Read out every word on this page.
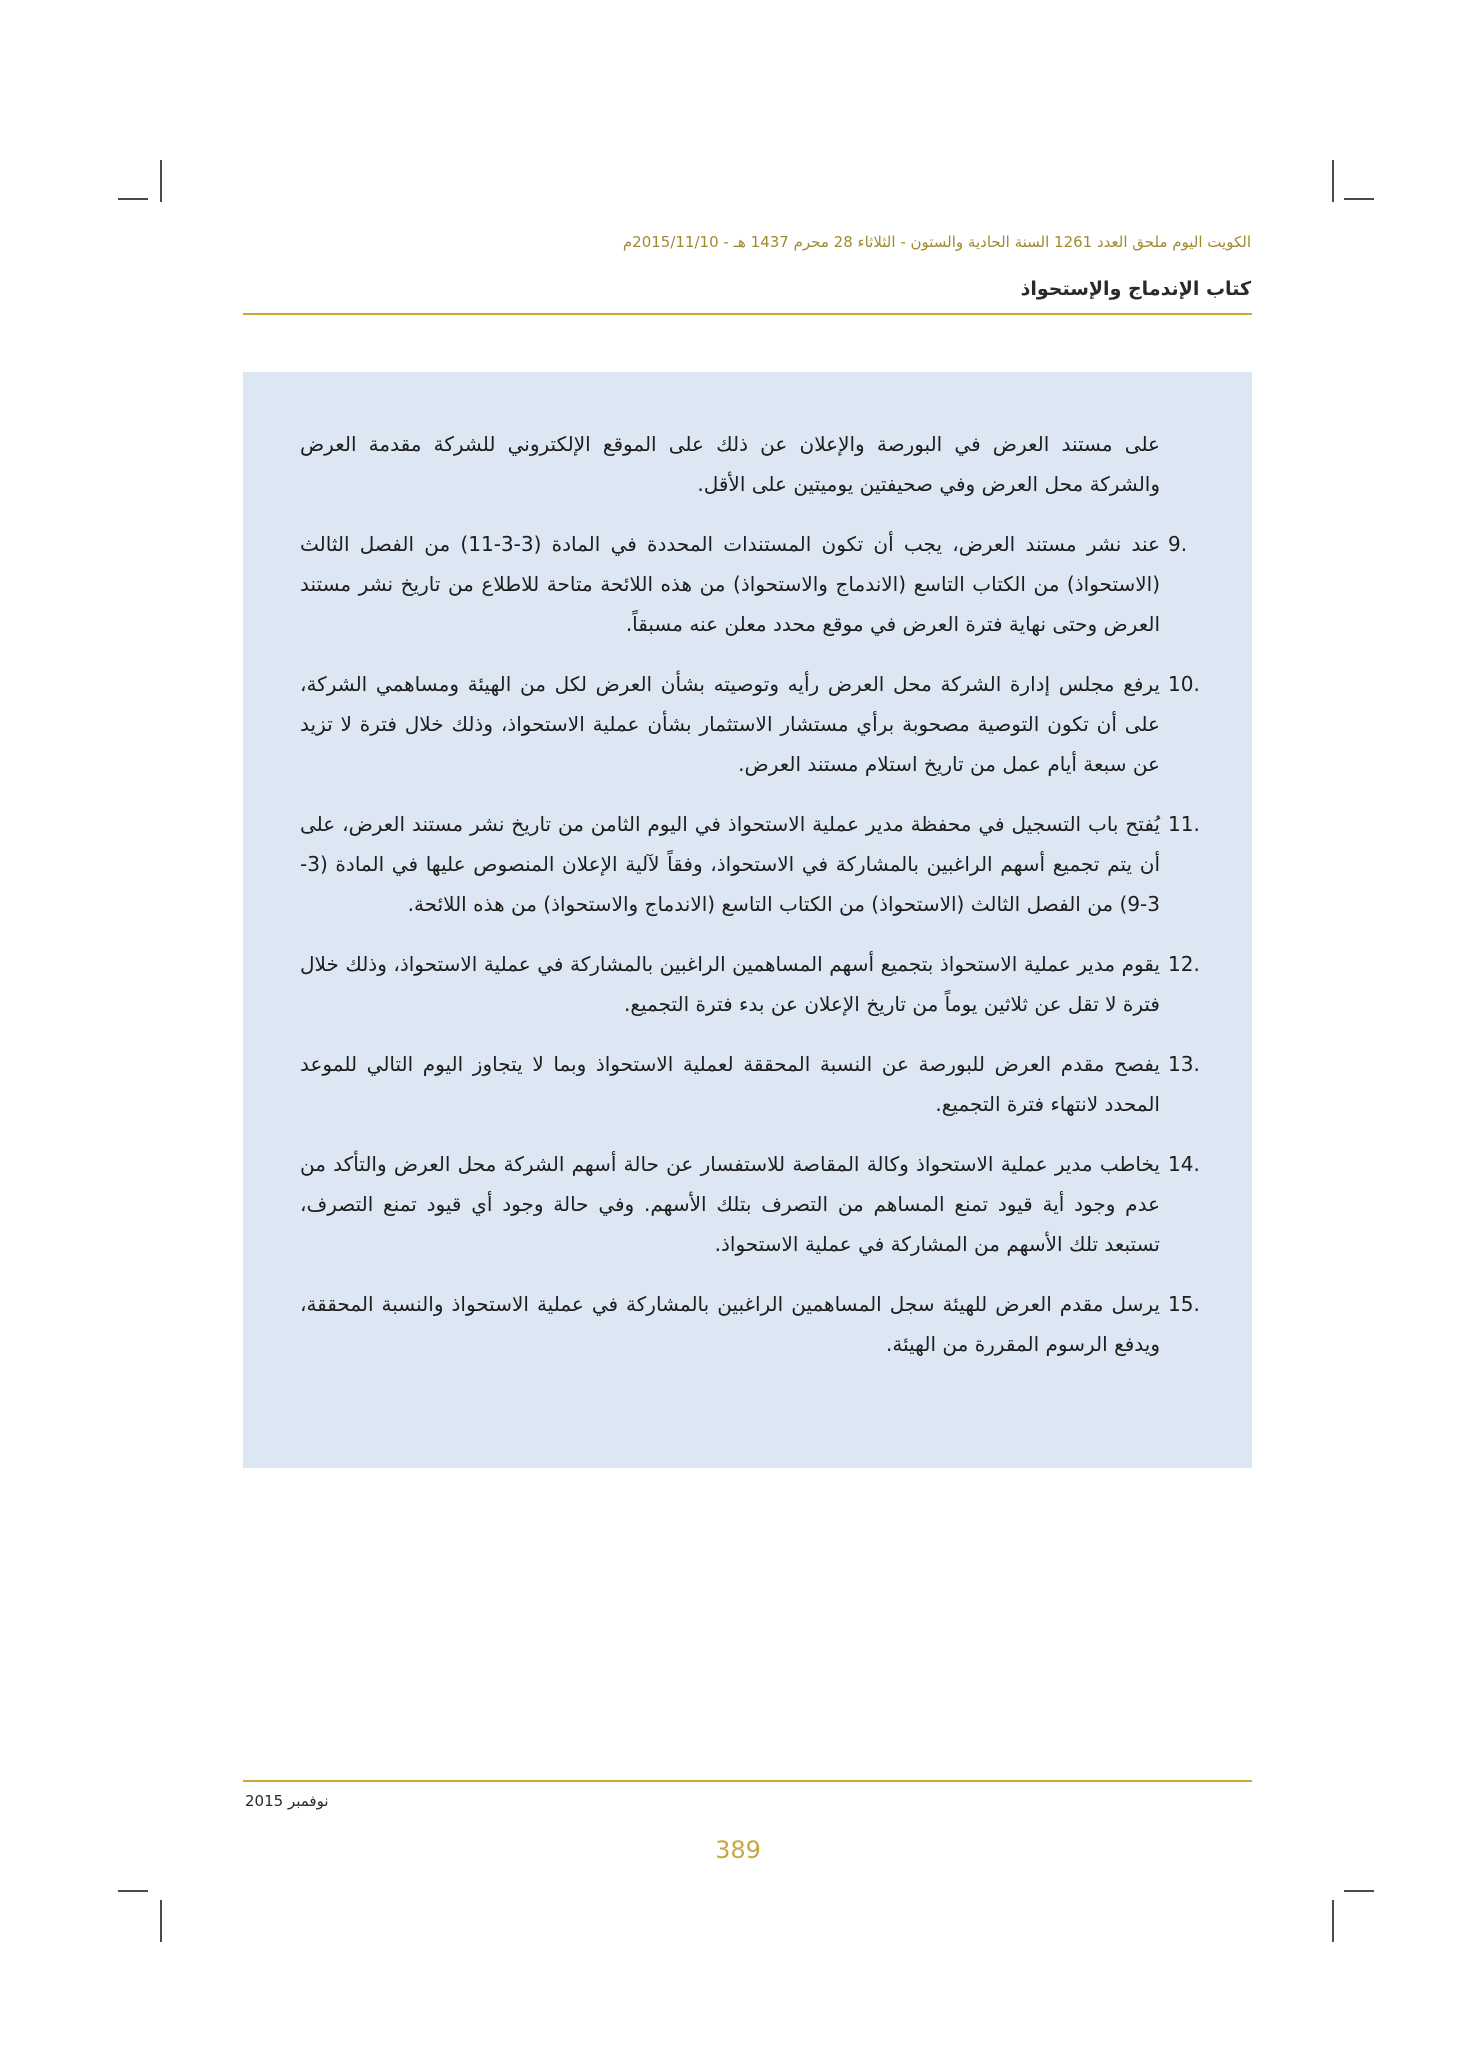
الكويت اليوم ملحق العدد 1261 السنة الحادية والستون - الثلاثاء 28 محرم 1437 هـ - 2015/11/10م
كتاب الإندماج والإستحواذ

على مستند العرض في البورصة والإعلان عن ذلك على الموقع الإلكتروني للشركة مقدمة العرض والشركة محل العرض وفي صحيفتين يوميتين على الأقل.

9.
عند نشر مستند العرض، يجب أن تكون المستندات المحددة في المادة (3-3-11) من الفصل الثالث (الاستحواذ) من الكتاب التاسع (الاندماج والاستحواذ) من هذه اللائحة متاحة للاطلاع من تاريخ نشر مستند العرض وحتى نهاية فترة العرض في موقع محدد معلن عنه مسبقاً.
10.
يرفع مجلس إدارة الشركة محل العرض رأيه وتوصيته بشأن العرض لكل من الهيئة ومساهمي الشركة، على أن تكون التوصية مصحوبة برأي مستشار الاستثمار بشأن عملية الاستحواذ، وذلك خلال فترة لا تزيد عن سبعة أيام عمل من تاريخ استلام مستند العرض.
11.
يُفتح باب التسجيل في محفظة مدير عملية الاستحواذ في اليوم الثامن من تاريخ نشر مستند العرض، على أن يتم تجميع أسهم الراغبين بالمشاركة في الاستحواذ، وفقاً لآلية الإعلان المنصوص عليها في المادة (3-3-9) من الفصل الثالث (الاستحواذ) من الكتاب التاسع (الاندماج والاستحواذ) من هذه اللائحة.
12.
يقوم مدير عملية الاستحواذ بتجميع أسهم المساهمين الراغبين بالمشاركة في عملية الاستحواذ، وذلك خلال فترة لا تقل عن ثلاثين يوماً من تاريخ الإعلان عن بدء فترة التجميع.
13.
يفصح مقدم العرض للبورصة عن النسبة المحققة لعملية الاستحواذ وبما لا يتجاوز اليوم التالي للموعد المحدد لانتهاء فترة التجميع.
14.
يخاطب مدير عملية الاستحواذ وكالة المقاصة للاستفسار عن حالة أسهم الشركة محل العرض والتأكد من عدم وجود أية قيود تمنع المساهم من التصرف بتلك الأسهم. وفي حالة وجود أي قيود تمنع التصرف، تستبعد تلك الأسهم من المشاركة في عملية الاستحواذ.
15.
يرسل مقدم العرض للهيئة سجل المساهمين الراغبين بالمشاركة في عملية الاستحواذ والنسبة المحققة، ويدفع الرسوم المقررة من الهيئة.
نوفمبر 2015
389
